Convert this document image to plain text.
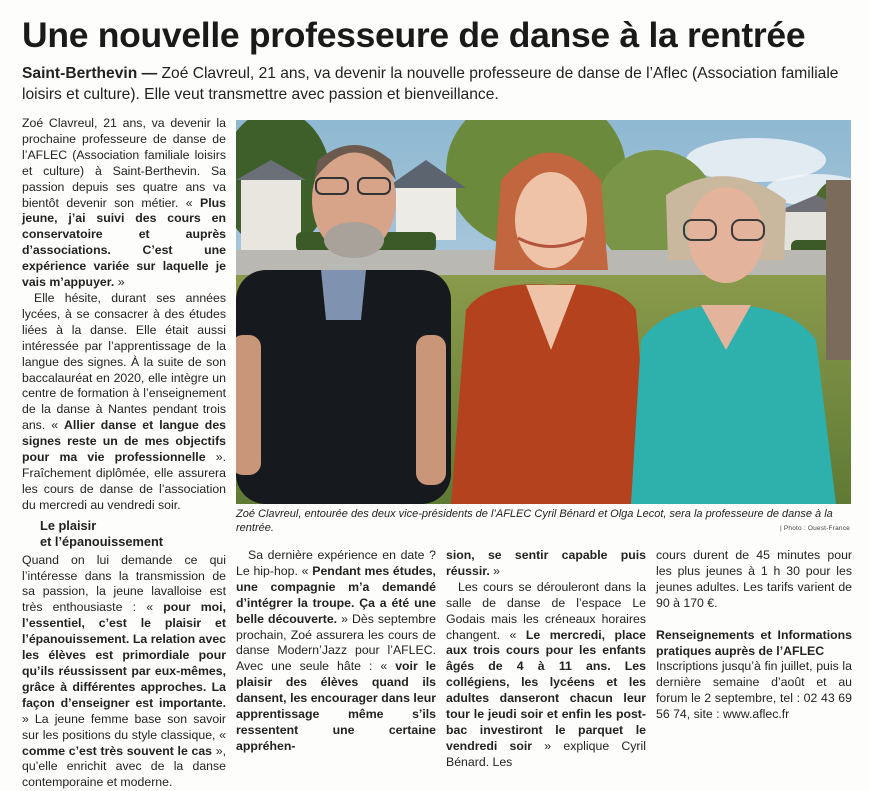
Une nouvelle professeure de danse à la rentrée
Saint-Berthevin — Zoé Clavreul, 21 ans, va devenir la nouvelle professeure de danse de l’Aflec (Association familiale loisirs et culture). Elle veut transmettre avec passion et bienveillance.

Zoé Clavreul, 21 ans, va devenir la prochaine professeure de danse de l’AFLEC (Association familiale loisirs et culture) à Saint-Berthevin. Sa passion depuis ses quatre ans va bientôt devenir son métier. « Plus jeune, j’ai suivi des cours en conservatoire et auprès d’associations. C’est une expérience variée sur laquelle je vais m’appuyer. »

Elle hésite, durant ses années lycées, à se consacrer à des études liées à la danse. Elle était aussi intéressée par l’apprentissage de la langue des signes. À la suite de son baccalauréat en 2020, elle intègre un centre de formation à l’enseignement de la danse à Nantes pendant trois ans. « Allier danse et langue des signes reste un de mes objectifs pour ma vie professionnelle ». Fraîchement diplômée, elle assurera les cours de danse de l’association du mercredi au vendredi soir.

Le plaisir
et l’épanouissement

Quand on lui demande ce qui l’intéresse dans la transmission de sa passion, la jeune lavalloise est très enthousiaste : « pour moi, l’essentiel, c’est le plaisir et l’épanouissement. La relation avec les élèves est primordiale pour qu’ils réussissent par eux-mêmes, grâce à différentes approches. La façon d’enseigner est importante. » La jeune femme base son savoir sur les positions du style classique, « comme c’est très souvent le cas », qu’elle enrichit avec de la danse contemporaine et moderne.

Zoé Clavreul, entourée des deux vice-présidents de l’AFLEC Cyril Bénard et Olga Lecot, sera la professeure de danse à la rentrée.	| Photo : Ouest-France

Sa dernière expérience en date ? Le hip-hop. « Pendant mes études, une compagnie m’a demandé d’intégrer la troupe. Ça a été une belle découverte. » Dès septembre prochain, Zoé assurera les cours de danse Modern’Jazz pour l’AFLEC. Avec une seule hâte : « voir le plaisir des élèves quand ils dansent, les encourager dans leur apprentissage même s’ils ressentent une certaine appréhen-

sion, se sentir capable puis réussir. »

Les cours se dérouleront dans la salle de danse de l’espace Le Godais mais les créneaux horaires changent. « Le mercredi, place aux trois cours pour les enfants âgés de 4 à 11 ans. Les collégiens, les lycéens et les adultes danseront chacun leur tour le jeudi soir et enfin les post-bac investiront le parquet le vendredi soir » explique Cyril Bénard. Les

cours durent de 45 minutes pour les plus jeunes à 1 h 30 pour les jeunes adultes. Les tarifs varient de 90 à 170 €.

Renseignements et Informations pratiques auprès de l’AFLEC

Inscriptions jusqu’à fin juillet, puis la dernière semaine d’août et au forum le 2 septembre, tel : 02 43 69 56 74, site : www.aflec.fr
